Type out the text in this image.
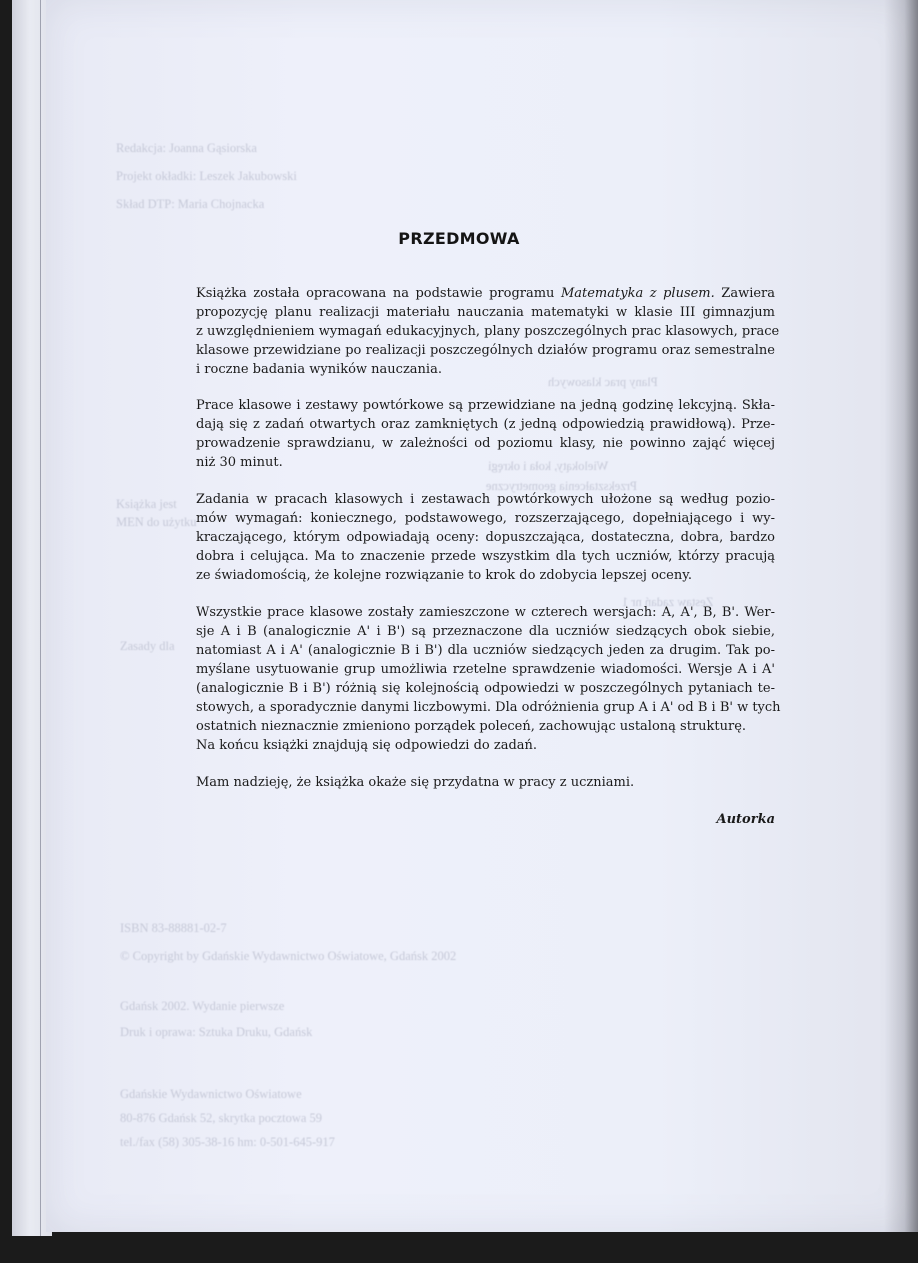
Redakcja: Joanna Gąsiorska
Projekt okładki: Leszek Jakubowski
Skład DTP: Maria Chojnacka
Plany prac klasowych
Wielokąty, koła i okręgi
Przekształcenia geometryczne
Książka jest
MEN do użytku
Zestaw zadań nr 1
Zasady dla
ISBN 83-88881-02-7
© Copyright by Gdańskie Wydawnictwo Oświatowe, Gdańsk 2002
Gdańsk 2002. Wydanie pierwsze
Druk i oprawa: Sztuka Druku, Gdańsk
Gdańskie Wydawnictwo Oświatowe
80-876 Gdańsk 52, skrytka pocztowa 59
tel./fax (58) 305-38-16 hm: 0-501-645-917
PRZEDMOWA

Książka została opracowana na podstawie programu Matematyka z plusem. Zawiera
propozycję planu realizacji materiału nauczania matematyki w klasie III gimnazjum
z uwzględnieniem wymagań edukacyjnych, plany poszczególnych prac klasowych, prace
klasowe przewidziane po realizacji poszczególnych działów programu oraz semestralne
i roczne badania wyników nauczania.

Prace klasowe i zestawy powtórkowe są przewidziane na jedną godzinę lekcyjną. Skła-
dają się z zadań otwartych oraz zamkniętych (z jedną odpowiedzią prawidłową). Prze-
prowadzenie sprawdzianu, w zależności od poziomu klasy, nie powinno zająć więcej
niż 30 minut.

Zadania w pracach klasowych i zestawach powtórkowych ułożone są według pozio-
mów wymagań: koniecznego, podstawowego, rozszerzającego, dopełniającego i wy-
kraczającego, którym odpowiadają oceny: dopuszczająca, dostateczna, dobra, bardzo
dobra i celująca. Ma to znaczenie przede wszystkim dla tych uczniów, którzy pracują
ze świadomością, że kolejne rozwiązanie to krok do zdobycia lepszej oceny.

Wszystkie prace klasowe zostały zamieszczone w czterech wersjach: A, A', B, B'. Wer-
sje A i B (analogicznie A' i B') są przeznaczone dla uczniów siedzących obok siebie,
natomiast A i A' (analogicznie B i B') dla uczniów siedzących jeden za drugim. Tak po-
myślane usytuowanie grup umożliwia rzetelne sprawdzenie wiadomości. Wersje A i A'
(analogicznie B i B') różnią się kolejnością odpowiedzi w poszczególnych pytaniach te-
stowych, a sporadycznie danymi liczbowymi. Dla odróżnienia grup A i A' od B i B' w tych
ostatnich nieznacznie zmieniono porządek poleceń, zachowując ustaloną strukturę.
Na końcu książki znajdują się odpowiedzi do zadań.

Mam nadzieję, że książka okaże się przydatna w pracy z uczniami.

Autorka
